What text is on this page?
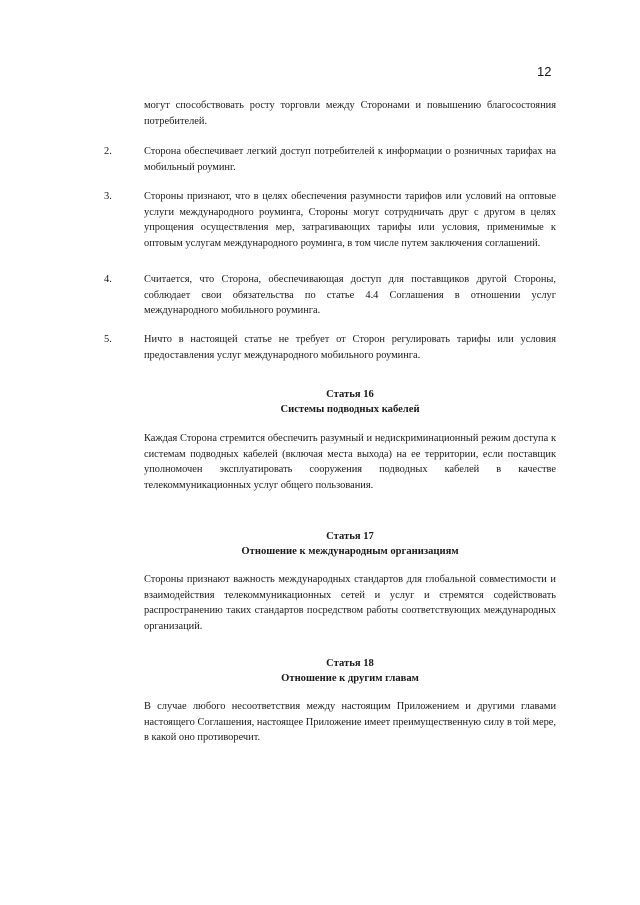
12
могут способствовать росту торговли между Сторонами и повышению благосостояния потребителей.
2.	Сторона обеспечивает легкий доступ потребителей к информации о розничных тарифах на мобильный роуминг.
3.	Стороны признают, что в целях обеспечения разумности тарифов или условий на оптовые услуги международного роуминга, Стороны могут сотрудничать друг с другом в целях упрощения осуществления мер, затрагивающих тарифы или условия, применимые к оптовым услугам международного роуминга, в том числе путем заключения соглашений.
4.	Считается, что Сторона, обеспечивающая доступ для поставщиков другой Стороны, соблюдает свои обязательства по статье 4.4 Соглашения в отношении услуг международного мобильного роуминга.
5.	Ничто в настоящей статье не требует от Сторон регулировать тарифы или условия предоставления услуг международного мобильного роуминга.
Статья 16
Системы подводных кабелей
Каждая Сторона стремится обеспечить разумный и недискриминационный режим доступа к системам подводных кабелей (включая места выхода) на ее территории, если поставщик уполномочен эксплуатировать сооружения подводных кабелей в качестве телекоммуникационных услуг общего пользования.
Статья 17
Отношение к международным организациям
Стороны признают важность международных стандартов для глобальной совместимости и взаимодействия телекоммуникационных сетей и услуг и стремятся содействовать распространению таких стандартов посредством работы соответствующих международных организаций.
Статья 18
Отношение к другим главам
В случае любого несоответствия между настоящим Приложением и другими главами настоящего Соглашения, настоящее Приложение имеет преимущественную силу в той мере, в какой оно противоречит.
